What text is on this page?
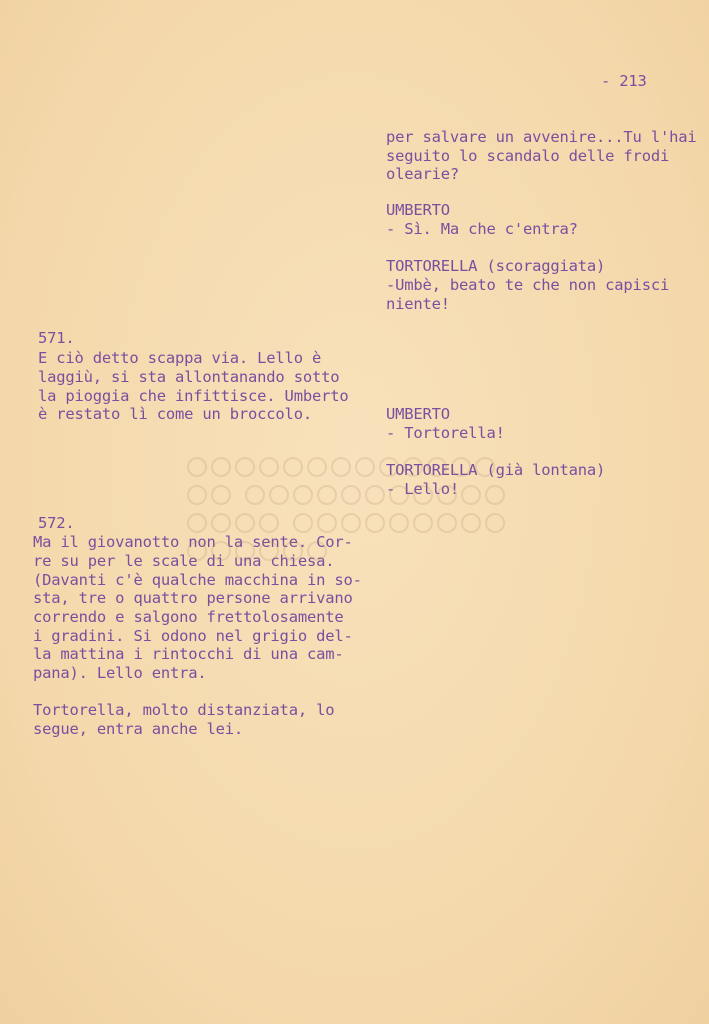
- 213
per salvare un avvenire...Tu l'hai
seguito lo scandalo delle frodi
olearie?
UMBERTO
- Sì. Ma che c'entra?
TORTORELLA (scoraggiata)
-Umbè, beato te che non capisci
niente!
UMBERTO
- Tortorella!
TORTORELLA (già lontana)
- Lello!
571.
E ciò detto scappa via. Lello è
laggiù, si sta allontanando sotto
la pioggia che infittisce. Umberto
è restato lì come un broccolo.
572.
Ma il giovanotto non la sente. Cor-
re su per le scale di una chiesa.
(Davanti c'è qualche macchina in so-
sta, tre o quattro persone arrivano
correndo e salgono frettolosamente
i gradini. Si odono nel grigio del-
la mattina i rintocchi di una cam-
pana). Lello entra.
Tortorella, molto distanziata, lo
segue, entra anche lei.
